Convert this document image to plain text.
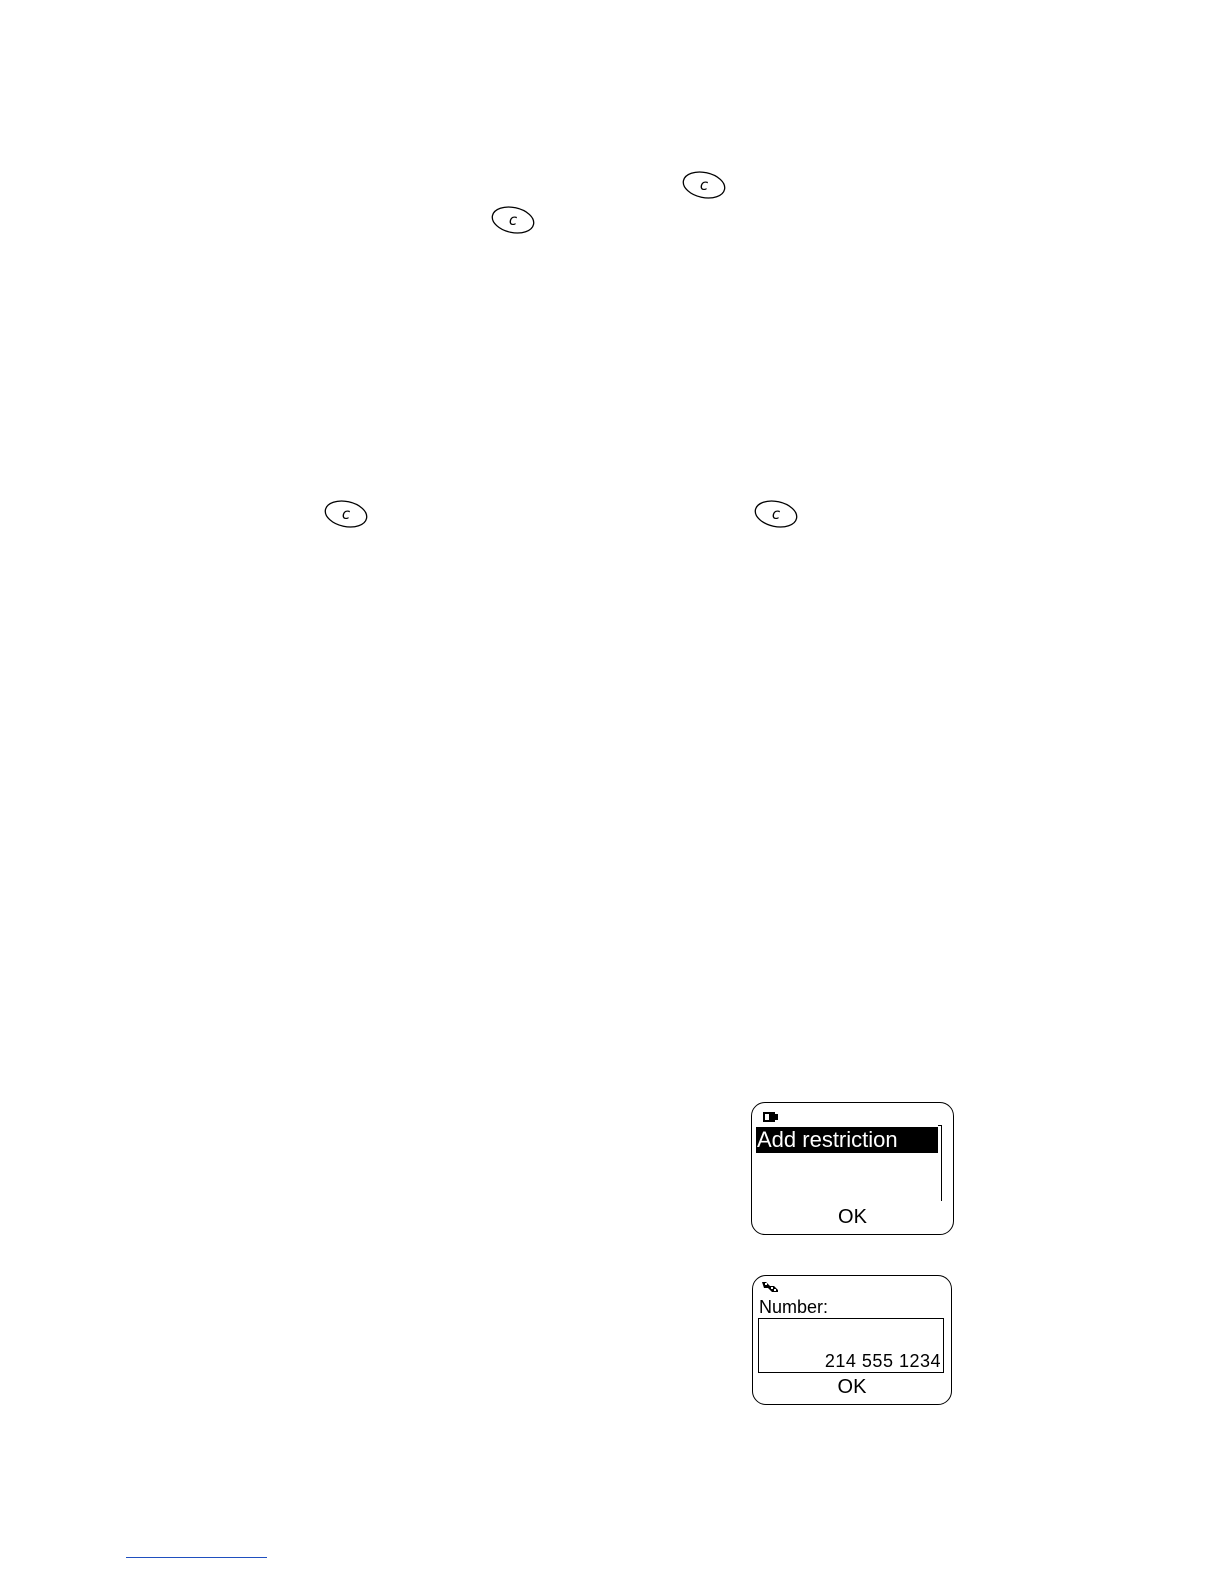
c
c
c	c
Add restriction
OK
Number:
214 555 1234
OK
